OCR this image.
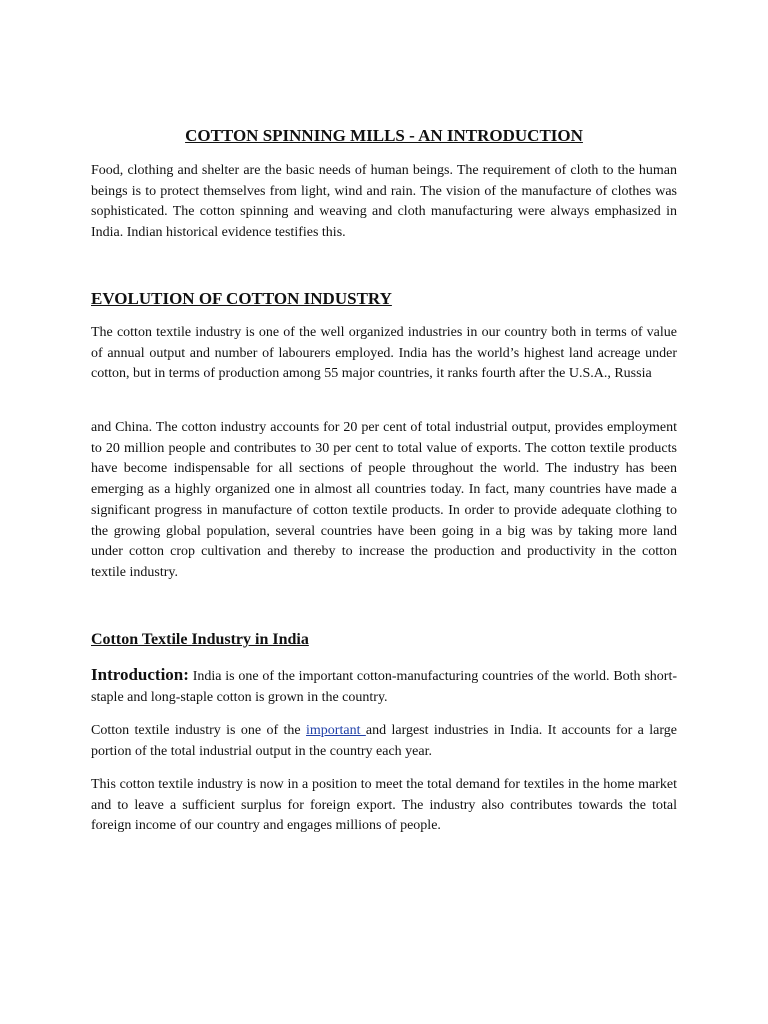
COTTON SPINNING MILLS - AN INTRODUCTION

Food, clothing and shelter are the basic needs of human beings. The requirement of cloth to the human beings is to protect themselves from light, wind and rain. The vision of the manufacture of clothes was sophisticated. The cotton spinning and weaving and cloth manufacturing were always emphasized in India. Indian historical evidence testifies this.

EVOLUTION OF COTTON INDUSTRY

The cotton textile industry is one of the well organized industries in our country both in terms of value of annual output and number of labourers employed. India has the world’s highest land acreage under cotton, but in terms of production among 55 major countries, it ranks fourth after the U.S.A., Russia

and China. The cotton industry accounts for 20 per cent of total industrial output, provides employment to 20 million people and contributes to 30 per cent to total value of exports. The cotton textile products have become indispensable for all sections of people throughout the world. The industry has been emerging as a highly organized one in almost all countries today. In fact, many countries have made a significant progress in manufacture of cotton textile products. In order to provide adequate clothing to the growing global population, several countries have been going in a big was by taking more land under cotton crop cultivation and thereby to increase the production and productivity in the cotton textile industry.

Cotton Textile Industry in India

Introduction: India is one of the important cotton-manufacturing countries of the world. Both short-staple and long-staple cotton is grown in the country.

Cotton textile industry is one of the important and largest industries in India. It accounts for a large portion of the total industrial output in the country each year.

This cotton textile industry is now in a position to meet the total demand for textiles in the home market and to leave a sufficient surplus for foreign export. The industry also contributes towards the total foreign income of our country and engages millions of people.
